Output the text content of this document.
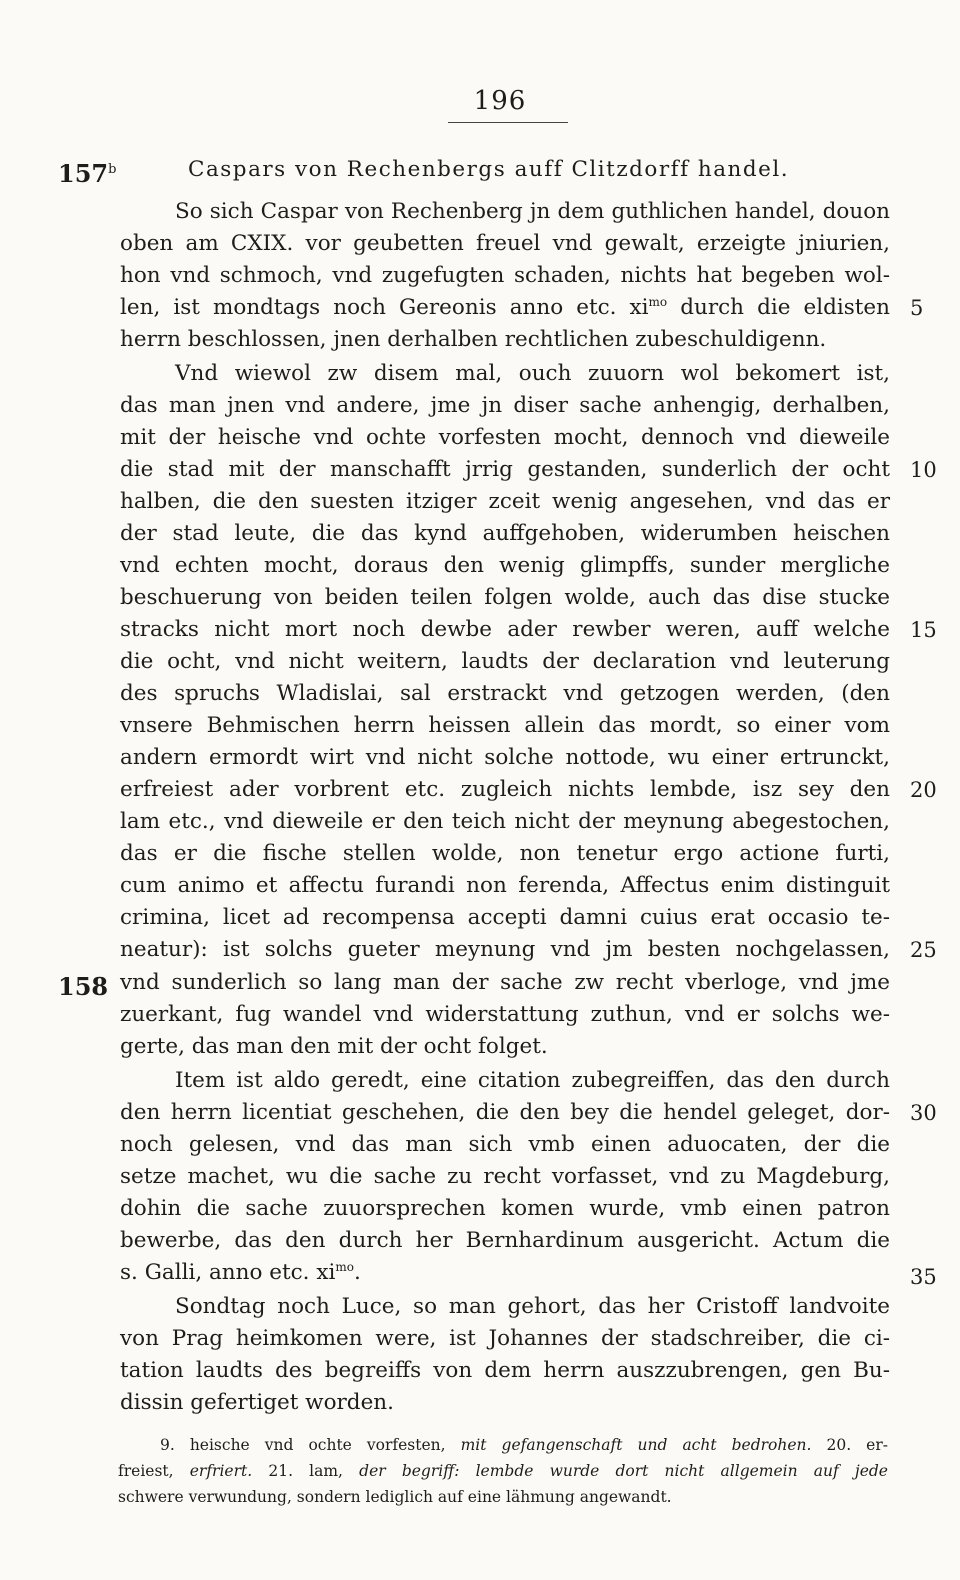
196
157$^b$
158
Caspars von Rechenbergs auff Clitzdorff handel.
So sich Caspar von Rechenberg jn dem guthlichen handel, douon
oben am CXIX. vor geubetten freuel vnd gewalt, erzeigte jniurien,
hon vnd schmoch, vnd zugefugten schaden, nichts hat begeben wol-
len, ist mondtags noch Gereonis anno etc. $xi^{mo}$ durch die eldisten
herrn beschlossen, jnen derhalben rechtlichen zubeschuldigenn.
Vnd wiewol zw disem mal, ouch zuuorn wol bekomert ist,
das man jnen vnd andere, jme jn diser sache anhengig, derhalben,
mit der heische vnd ochte vorfesten mocht, dennoch vnd dieweile
die stad mit der manschafft jrrig gestanden, sunderlich der ocht
halben, die den suesten itziger zceit wenig angesehen, vnd das er
der stad leute, die das kynd auffgehoben, widerumben heischen
vnd echten mocht, doraus den wenig glimpffs, sunder mergliche
beschuerung von beiden teilen folgen wolde, auch das dise stucke
stracks nicht mort noch dewbe ader rewber weren, auff welche
die ocht, vnd nicht weitern, laudts der declaration vnd leuterung
des spruchs Wladislai, sal erstrackt vnd getzogen werden, (den
vnsere Behmischen herrn heissen allein das mordt, so einer vom
andern ermordt wirt vnd nicht solche nottode, wu einer ertrunckt,
erfreiest ader vorbrent etc. zugleich nichts lembde, isz sey den
lam etc., vnd dieweile er den teich nicht der meynung abegestochen,
das er die fische stellen wolde, non tenetur ergo actione furti,
cum animo et affectu furandi non ferenda, Affectus enim distinguit
crimina, licet ad recompensa accepti damni cuius erat occasio te-
neatur): ist solchs gueter meynung vnd jm besten nochgelassen,
vnd sunderlich so lang man der sache zw recht vberloge, vnd jme
zuerkant, fug wandel vnd widerstattung zuthun, vnd er solchs we-
gerte, das man den mit der ocht folget.
Item ist aldo geredt, eine citation zubegreiffen, das den durch
den herrn licentiat geschehen, die den bey die hendel geleget, dor-
noch gelesen, vnd das man sich vmb einen aduocaten, der die
setze machet, wu die sache zu recht vorfasset, vnd zu Magdeburg,
dohin die sache zuuorsprechen komen wurde, vmb einen patron
bewerbe, das den durch her Bernhardinum ausgericht. Actum die
s. Galli, anno etc. $xi^{mo}$.
Sondtag noch Luce, so man gehort, das her Cristoff landvoite
von Prag heimkomen were, ist Johannes der stadschreiber, die ci-
tation laudts des begreiffs von dem herrn auszzubrengen, gen Bu-
dissin gefertiget worden.
5
10
15
20
25
30
35
9. heische vnd ochte vorfesten, mit gefangenschaft und acht bedrohen. 20. er-
freiest, erfriert. 21. lam, der begriff: lembde wurde dort nicht allgemein auf jede
schwere verwundung, sondern lediglich auf eine lähmung angewandt.
